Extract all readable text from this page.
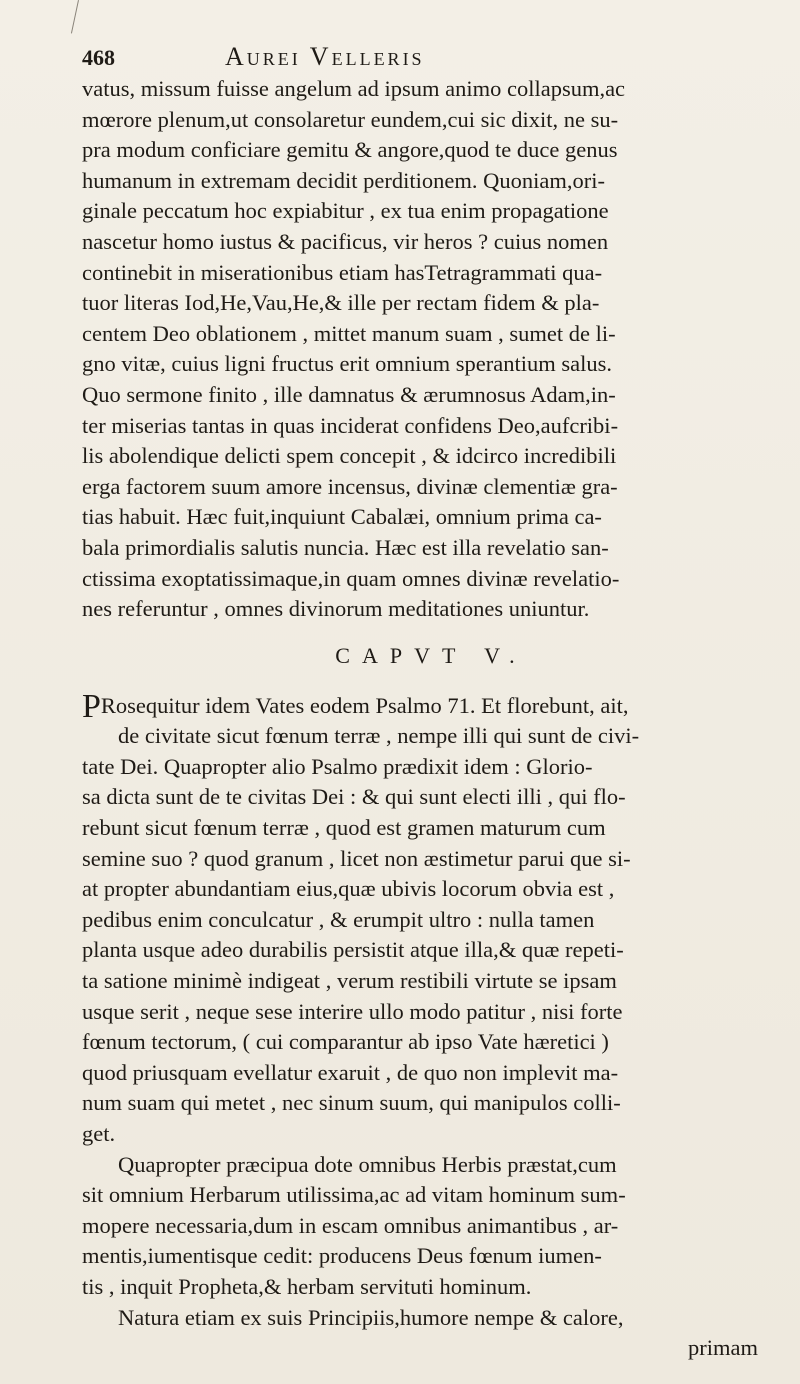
468	Aurei Velleris

vatus, missum fuisse angelum ad ipsum animo collapsum,ac
mœrore plenum,ut consolaretur eundem,cui sic dixit, ne su-
pra modum conficiare gemitu & angore,quod te duce genus
humanum in extremam decidit perditionem. Quoniam,ori-
ginale peccatum hoc expiabitur , ex tua enim propagatione
nascetur homo iustus & pacificus, vir heros ? cuius nomen
continebit in miserationibus etiam hasTetragrammati qua-
tuor literas Iod,He,Vau,He,& ille per rectam fidem & pla-
centem Deo oblationem , mittet manum suam , sumet de li-
gno vitæ, cuius ligni fructus erit omnium sperantium salus.
Quo sermone finito , ille damnatus & ærumnosus Adam,in-
ter miserias tantas in quas inciderat confidens Deo,aufcribi-
lis abolendique delicti spem concepit , & idcirco incredibili
erga factorem suum amore incensus, divinæ clementiæ gra-
tias habuit. Hæc fuit,inquiunt Cabalæi, omnium prima ca-
bala primordialis salutis nuncia. Hæc est illa revelatio san-
ctissima exoptatissimaque,in quam omnes divinæ revelatio-
nes referuntur , omnes divinorum meditationes uniuntur.

CAPVT V.

PRosequitur idem Vates eodem Psalmo 71. Et florebunt, ait,
de civitate sicut fœnum terræ , nempe illi qui sunt de civi-
tate Dei. Quapropter alio Psalmo prædixit idem : Glorio-
sa dicta sunt de te civitas Dei : & qui sunt electi illi , qui flo-
rebunt sicut fœnum terræ , quod est gramen maturum cum
semine suo ? quod granum , licet non æstimetur parui que si-
at propter abundantiam eius,quæ ubivis locorum obvia est ,
pedibus enim conculcatur , & erumpit ultro : nulla tamen
planta usque adeo durabilis persistit atque illa,& quæ repeti-
ta satione minimè indigeat , verum restibili virtute se ipsam
usque serit , neque sese interire ullo modo patitur , nisi forte
fœnum tectorum, ( cui comparantur ab ipso Vate hæretici )
quod priusquam evellatur exaruit , de quo non implevit ma-
num suam qui metet , nec sinum suum, qui manipulos colli-
get.

Quapropter præcipua dote omnibus Herbis præstat,cum
sit omnium Herbarum utilissima,ac ad vitam hominum sum-
mopere necessaria,dum in escam omnibus animantibus , ar-
mentis,iumentisque cedit: producens Deus fœnum iumen-
tis , inquit Propheta,& herbam servituti hominum.
Natura etiam ex suis Principiis,humore nempe & calore,
primam
